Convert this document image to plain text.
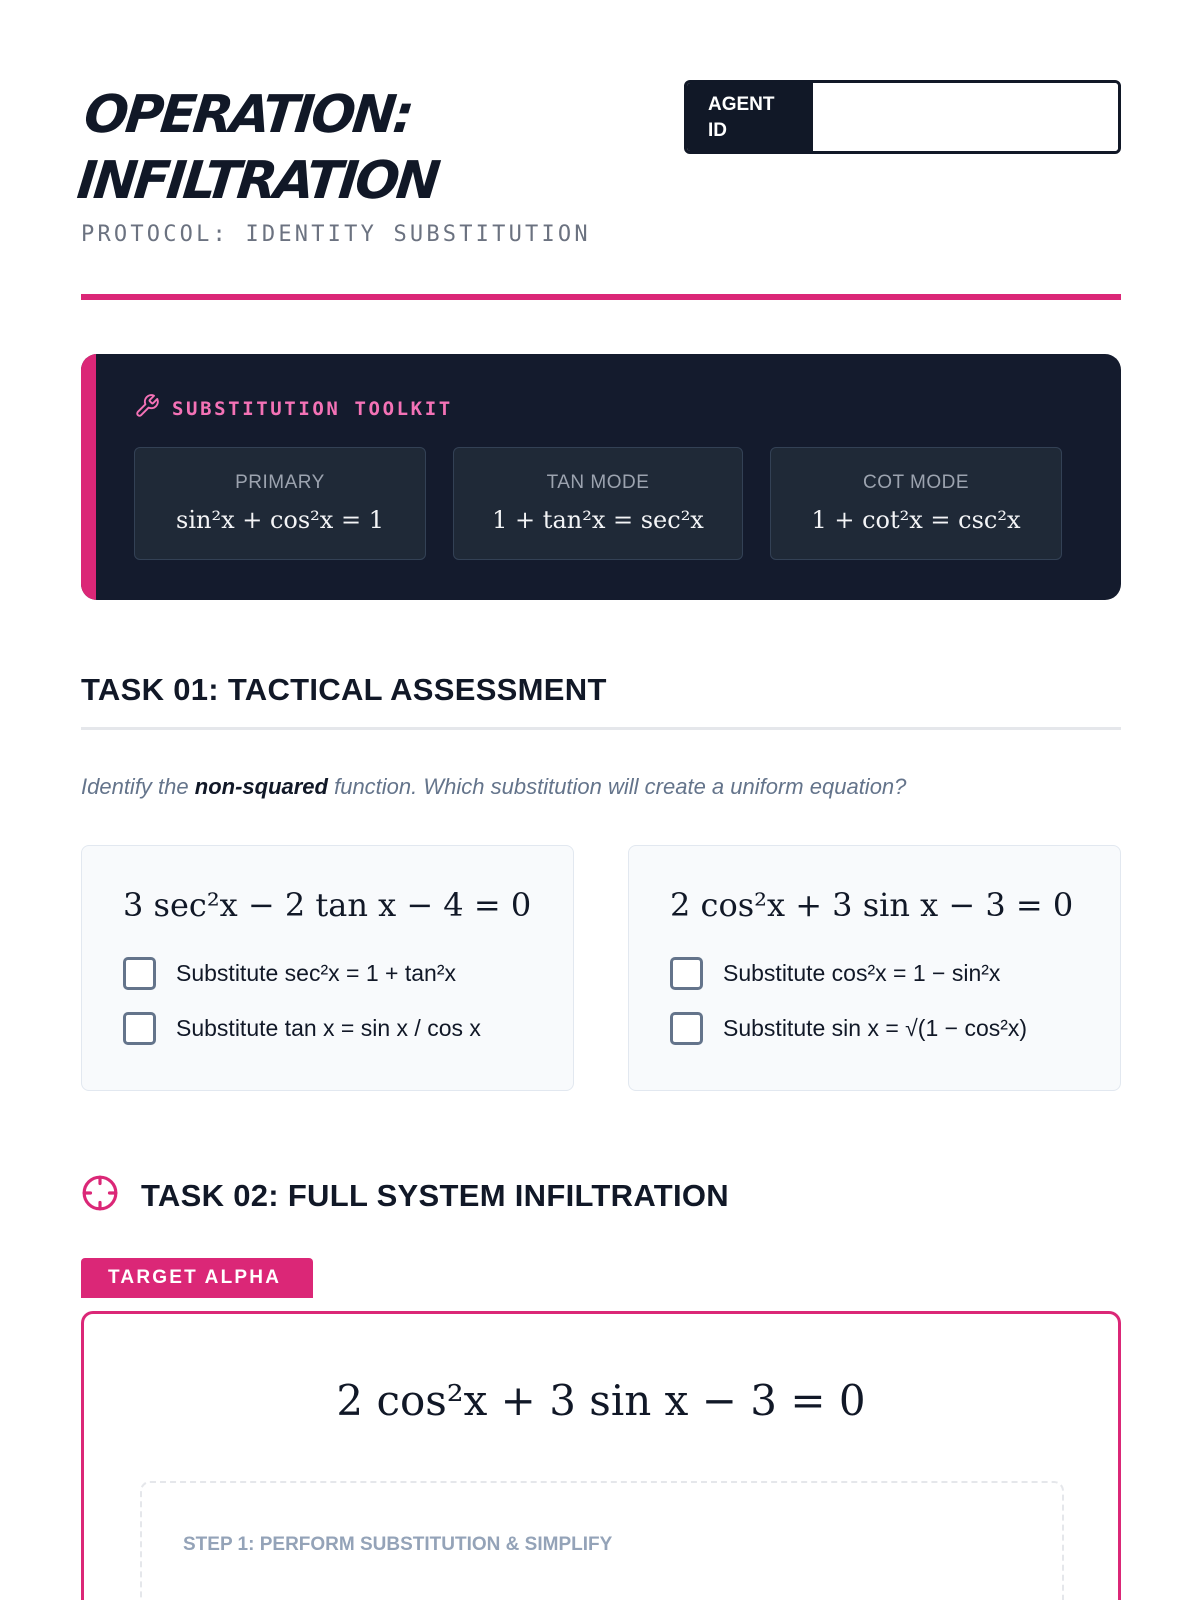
OPERATION:
INFILTRATION
PROTOCOL: IDENTITY SUBSTITUTION
AGENT
ID
SUBSTITUTION TOOLKIT
PRIMARY
sin²x + cos²x = 1
TAN MODE
1 + tan²x = sec²x
COT MODE
1 + cot²x = csc²x
TASK 01: TACTICAL ASSESSMENT
Identify the non-squared function. Which substitution will create a uniform equation?
3 sec²x − 2 tan x − 4 = 0
Substitute sec²x = 1 + tan²x
Substitute tan x = sin x / cos x
2 cos²x + 3 sin x − 3 = 0
Substitute cos²x = 1 − sin²x
Substitute sin x = √(1 − cos²x)
TASK 02: FULL SYSTEM INFILTRATION
TARGET ALPHA
2 cos²x + 3 sin x − 3 = 0
STEP 1: PERFORM SUBSTITUTION & SIMPLIFY
